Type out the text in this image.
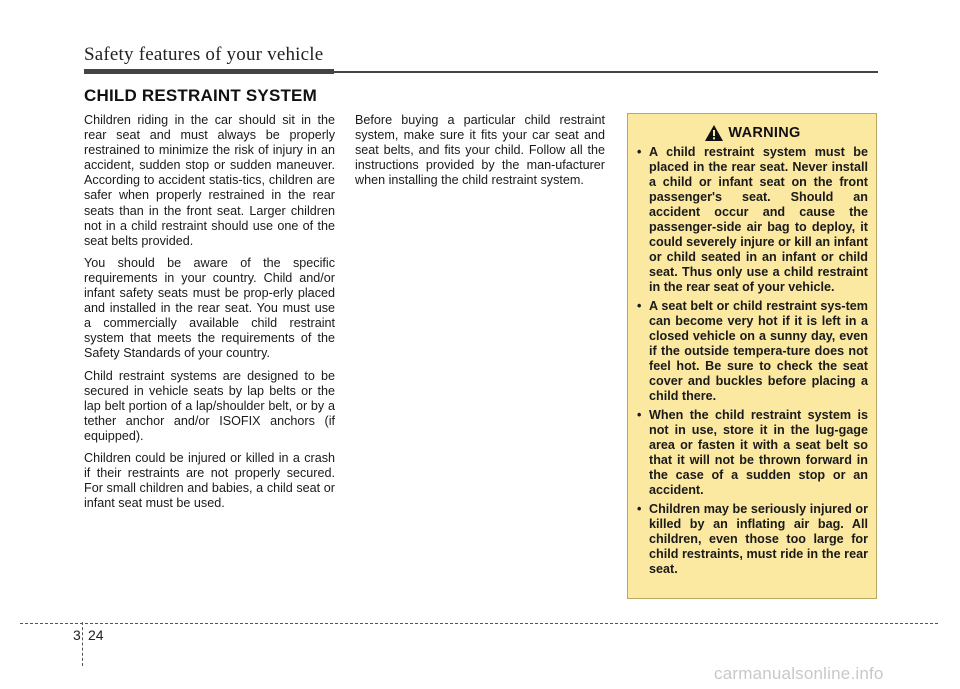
Safety features of your vehicle
CHILD RESTRAINT SYSTEM

Children riding in the car should sit in the rear seat and must always be properly restrained to minimize the risk of injury in an accident, sudden stop or sudden maneuver. According to accident statis-tics, children are safer when properly restrained in the rear seats than in the front seat. Larger children not in a child restraint should use one of the seat belts provided.

You should be aware of the specific requirements in your country. Child and/or infant safety seats must be prop-erly placed and installed in the rear seat. You must use a commercially available child restraint system that meets the requirements of the Safety Standards of your country.

Child restraint systems are designed to be secured in vehicle seats by lap belts or the lap belt portion of a lap/shoulder belt, or by a tether anchor and/or ISOFIX anchors (if equipped).

Children could be injured or killed in a crash if their restraints are not properly secured. For small children and babies, a child seat or infant seat must be used.

Before buying a particular child restraint system, make sure it fits your car seat and seat belts, and fits your child. Follow all the instructions provided by the man-ufacturer when installing the child restraint system.

WARNING
• A child restraint system must be placed in the rear seat. Never install a child or infant seat on the front passenger's seat. Should an accident occur and cause the passenger-side air bag to deploy, it could severely injure or kill an infant or child seated in an infant or child seat. Thus only use a child restraint in the rear seat of your vehicle.
• A seat belt or child restraint sys-tem can become very hot if it is left in a closed vehicle on a sunny day, even if the outside tempera-ture does not feel hot. Be sure to check the seat cover and buckles before placing a child there.
• When the child restraint system is not in use, store it in the lug-gage area or fasten it with a seat belt so that it will not be thrown forward in the case of a sudden stop or an accident.
• Children may be seriously injured or killed by an inflating air bag. All children, even those too large for child restraints, must ride in the rear seat.
3 24
carmanualsonline.info
